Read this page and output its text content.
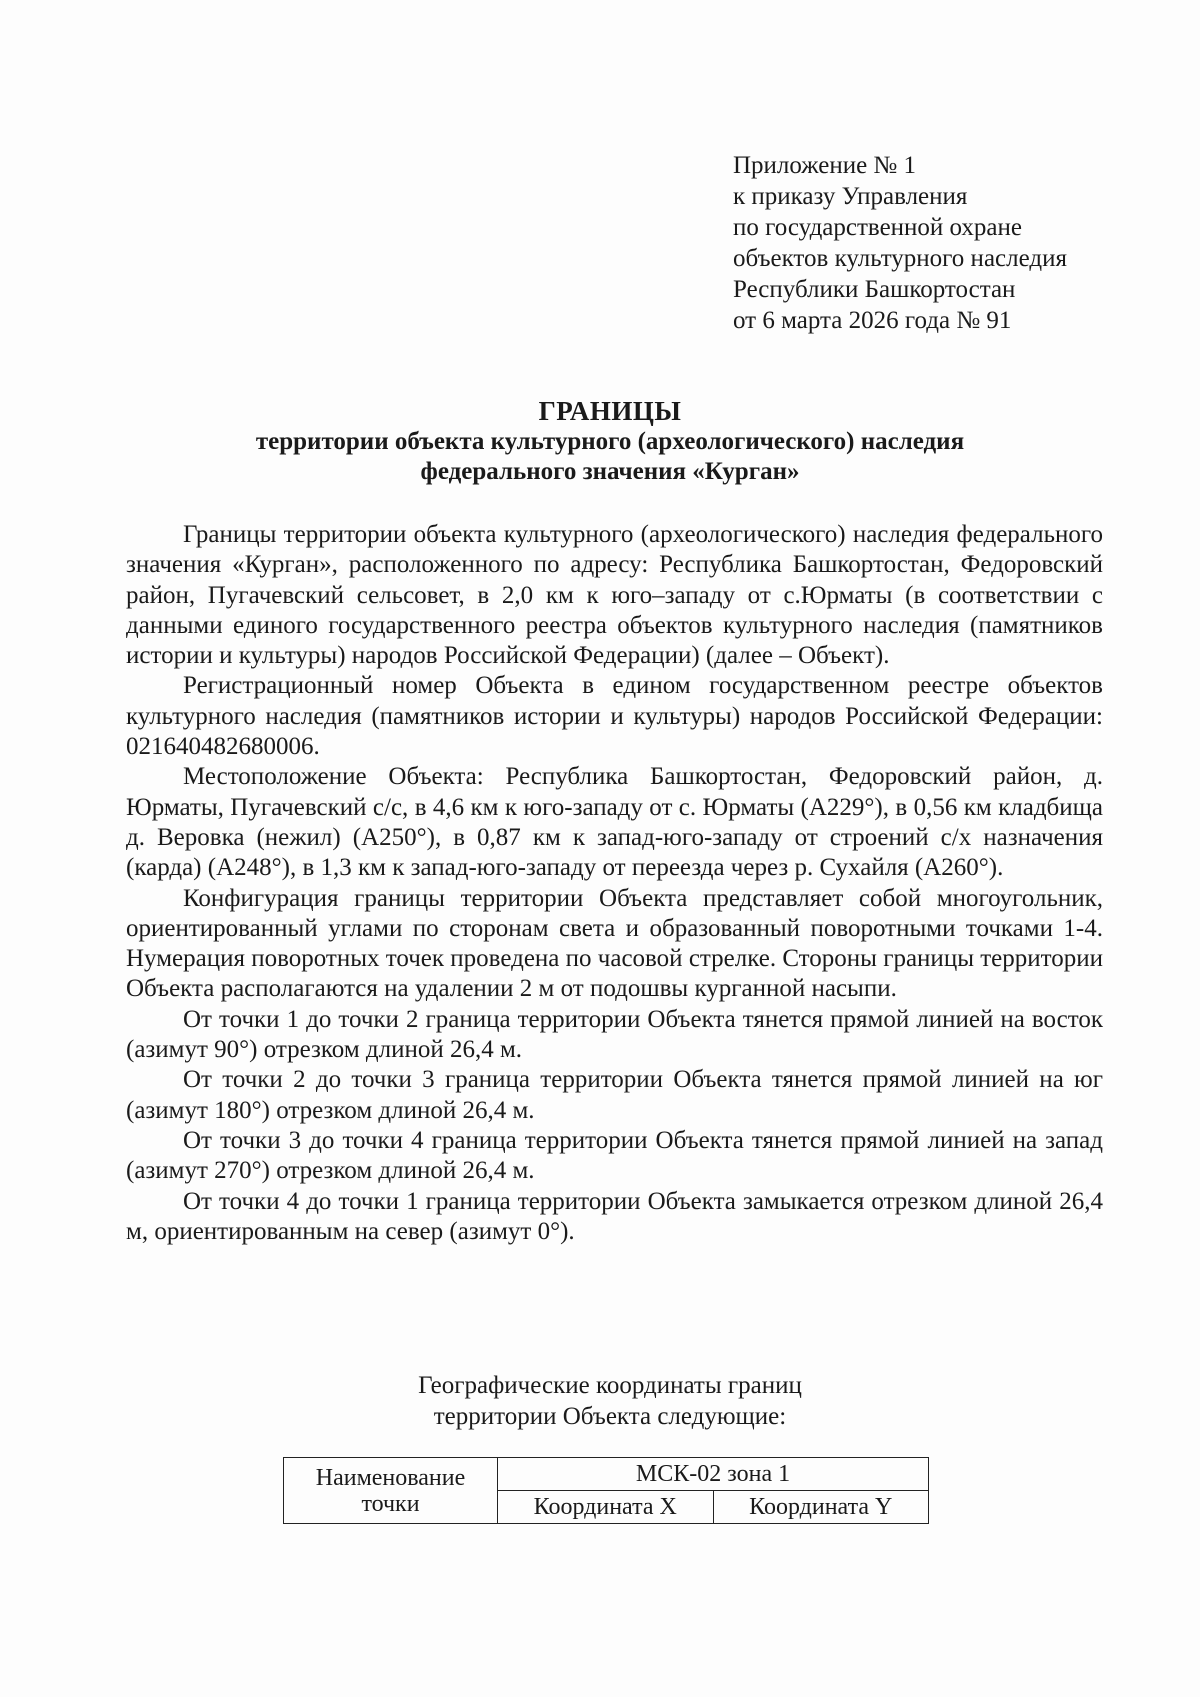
Приложение № 1
к приказу Управления
по государственной охране
объектов культурного наследия
Республики Башкортостан
от 6 марта 2026 года № 91
ГРАНИЦЫ
территории объекта культурного (археологического) наследия
федерального значения «Курган»

Границы территории объекта культурного (археологического) наследия федерального значения «Курган», расположенного по адресу: Республика Башкортостан, Федоровский район, Пугачевский сельсовет, в 2,0 км к юго–западу от с.Юрматы (в соответствии с данными единого государственного реестра объектов культурного наследия (памятников истории и культуры) народов Российской Федерации) (далее – Объект).

Регистрационный номер Объекта в едином государственном реестре объектов культурного наследия (памятников истории и культуры) народов Российской Федерации: 021640482680006.

Местоположение Объекта: Республика Башкортостан, Федоровский район, д. Юрматы, Пугачевский с/с, в 4,6 км к юго-западу от с. Юрматы (А229°), в 0,56 км кладбища д. Веровка (нежил) (А250°), в 0,87 км к запад-юго-западу от строений с/х назначения (карда) (А248°), в 1,3 км к запад-юго-западу от переезда через р. Сухайля (А260°).

Конфигурация границы территории Объекта представляет собой многоугольник, ориентированный углами по сторонам света и образованный поворотными точками 1-4. Нумерация поворотных точек проведена по часовой стрелке. Стороны границы территории Объекта располагаются на удалении 2 м от подошвы курганной насыпи.

От точки 1 до точки 2 граница территории Объекта тянется прямой линией на восток (азимут 90°) отрезком длиной 26,4 м.

От точки 2 до точки 3 граница территории Объекта тянется прямой линией на юг (азимут 180°) отрезком длиной 26,4 м.

От точки 3 до точки 4 граница территории Объекта тянется прямой линией на запад (азимут 270°) отрезком длиной 26,4 м.

От точки 4 до точки 1 граница территории Объекта замыкается отрезком длиной 26,4 м, ориентированным на север (азимут 0°).

Географические координаты границ
территории Объекта следующие:
Наименование
точки	МСК-02 зона 1	
	Координата X	Координата Y
